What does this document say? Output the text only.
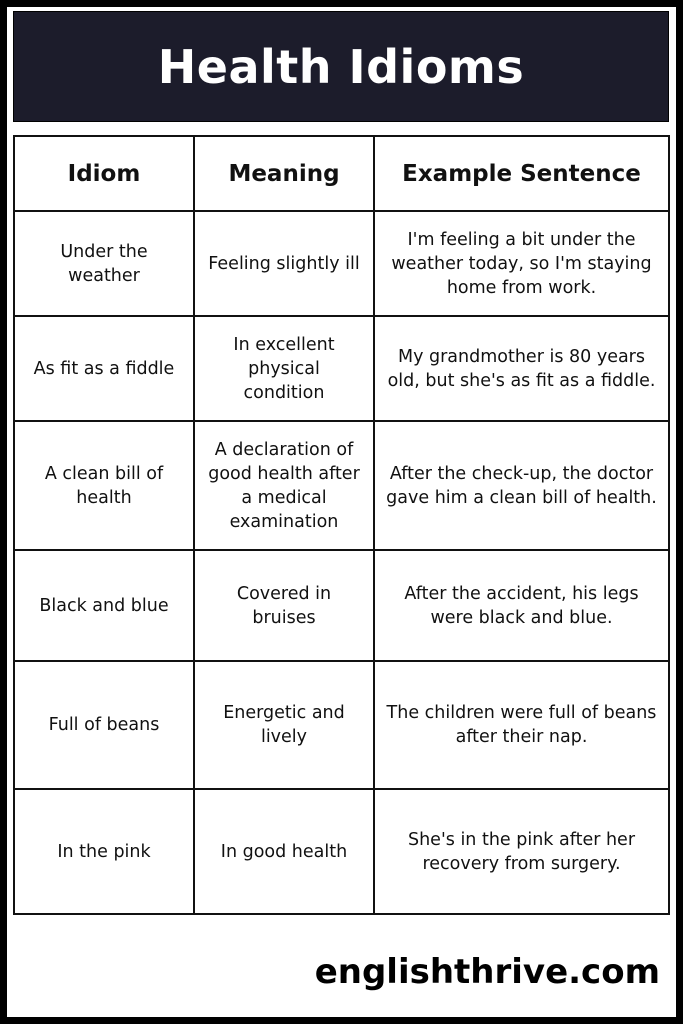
Health Idioms
Idiom	Meaning	Example Sentence
Under the weather	Feeling slightly ill	I'm feeling a bit under the weather today, so I'm staying home from work.
As fit as a fiddle	In excellent physical condition	My grandmother is 80 years old, but she's as fit as a fiddle.
A clean bill of health	A declaration of good health after a medical examination	After the check-up, the doctor gave him a clean bill of health.
Black and blue	Covered in bruises	After the accident, his legs were black and blue.
Full of beans	Energetic and lively	The children were full of beans after their nap.
In the pink	In good health	She's in the pink after her recovery from surgery.
englishthrive.com
